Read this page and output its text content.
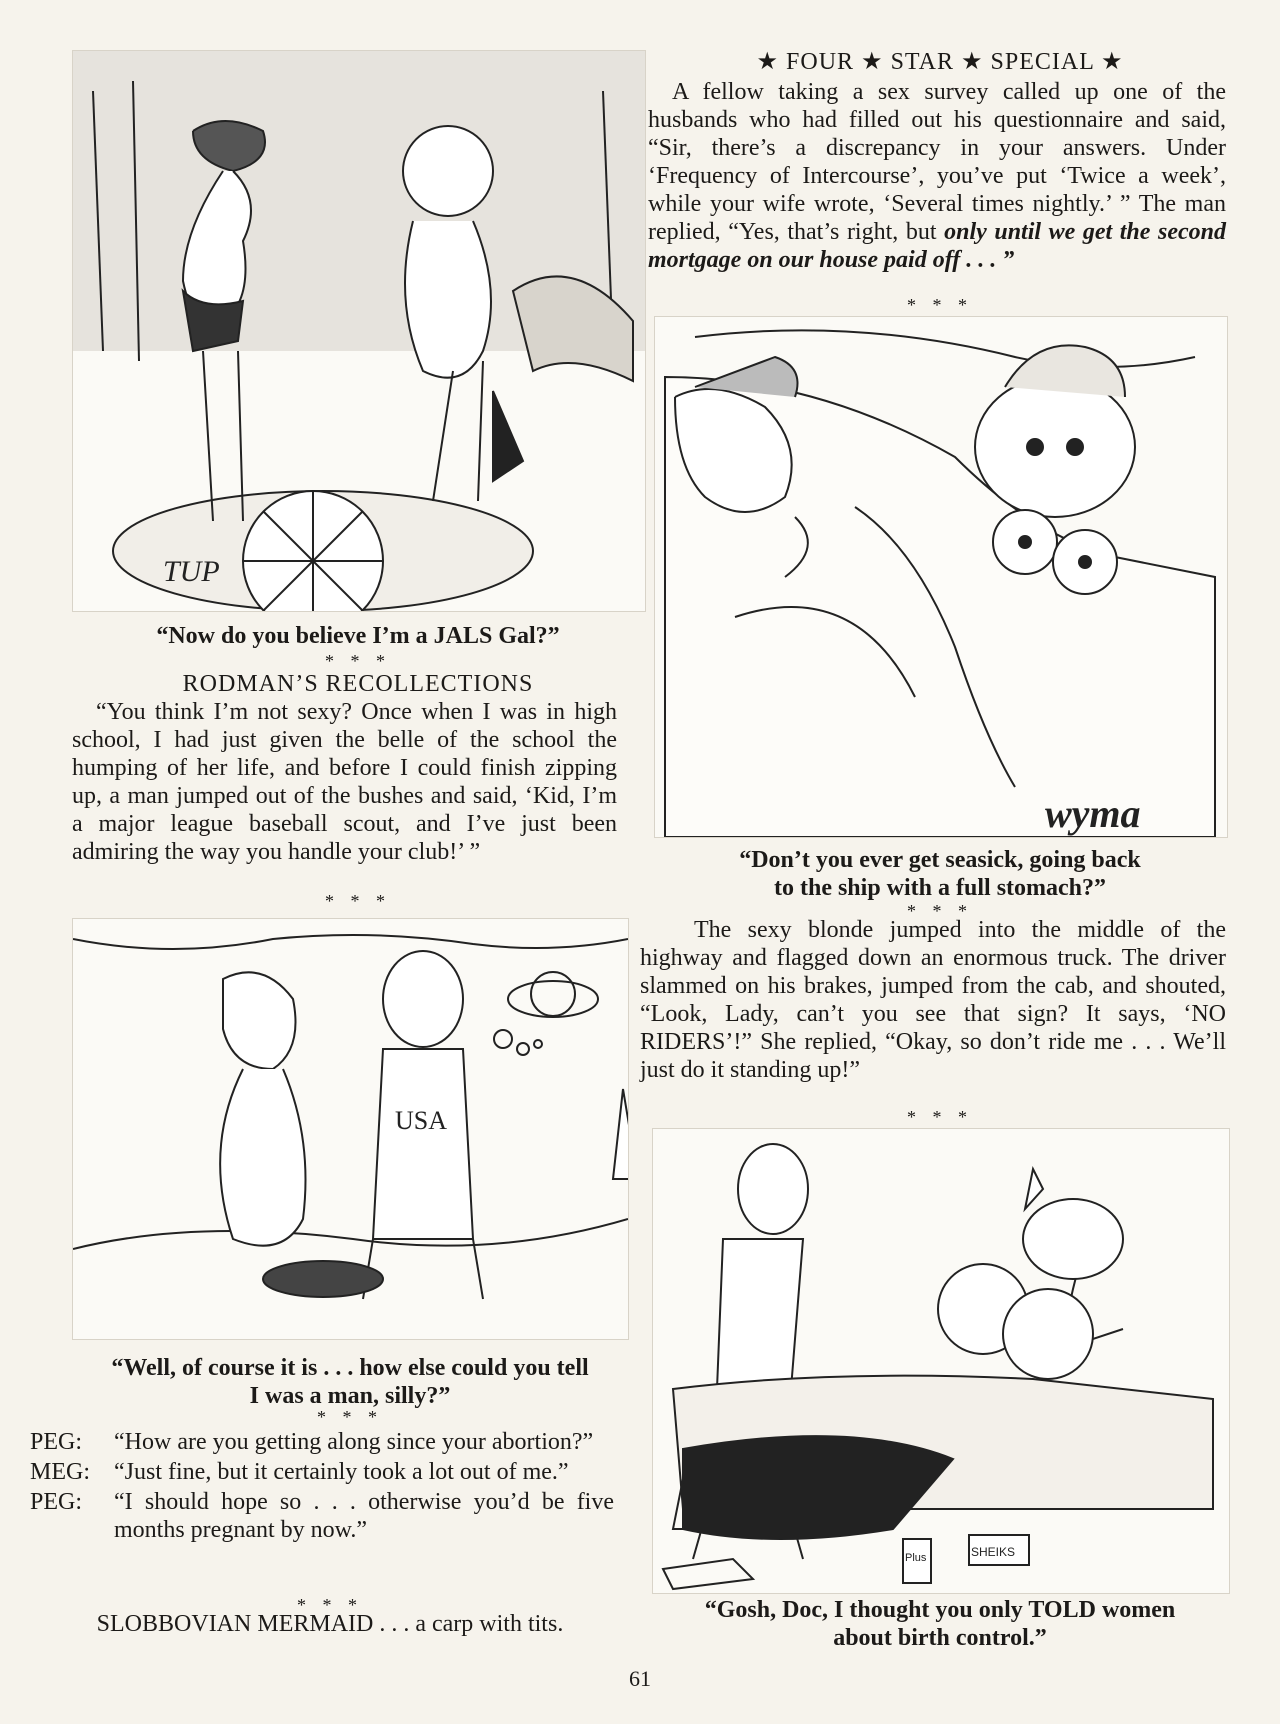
TUP
“Now do you believe I’m a JALS Gal?”
* * *
RODMAN’S RECOLLECTIONS
“You think I’m not sexy? Once when I was in high school, I had just given the belle of the school the humping of her life, and before I could finish zipping up, a man jumped out of the bushes and said, ‘Kid, I’m a major league baseball scout, and I’ve just been admiring the way you handle your club!’ ”
* * *
USA
“Well, of course it is . . . how else could you tell
I was a man, silly?”
* * *
PEG:	“How are you getting along since your abortion?”
MEG:	“Just fine, but it certainly took a lot out of me.”
PEG:	“I should hope so . . . otherwise you’d be five months pregnant by now.”
* * *
SLOBBOVIAN MERMAID . . . a carp with tits.
★ FOUR ★ STAR ★ SPECIAL ★
A fellow taking a sex survey called up one of the husbands who had filled out his questionnaire and said, “Sir, there’s a discrepancy in your answers. Under ‘Frequency of Intercourse’, you’ve put ‘Twice a week’, while your wife wrote, ‘Several times nightly.’ ” The man replied, “Yes, that’s right, but only until we get the second mortgage on our house paid off . . . ”
* * *
wyma
“Don’t you ever get seasick, going back
to the ship with a full stomach?”
* * *
The sexy blonde jumped into the middle of the highway and flagged down an enormous truck. The driver slammed on his brakes, jumped from the cab, and shouted, “Look, Lady, can’t you see that sign? It says, ‘NO RIDERS’!” She replied, “Okay, so don’t ride me . . . We’ll just do it standing up!”
* * *
SHEIKS
Plus
“Gosh, Doc, I thought you only TOLD women
about birth control.”
61
